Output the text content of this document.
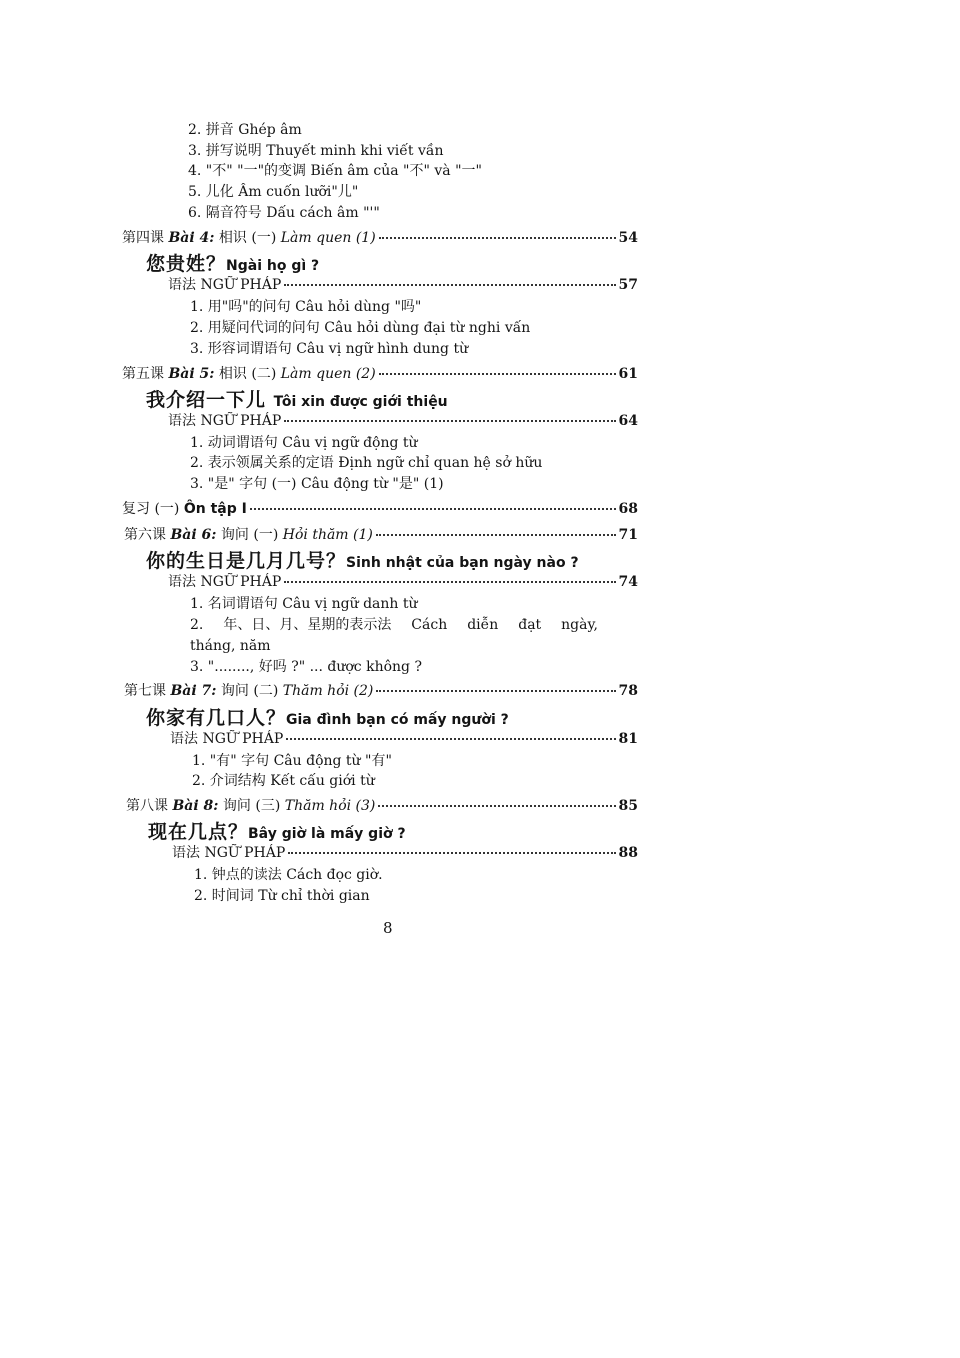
2. 拼音 Ghép âm
3. 拼写说明 Thuyết minh khi viết vần
4. "不" "一"的变调 Biến âm của "不" và "一"
5. 儿化 Âm cuốn lưỡi"儿"
6. 隔音符号 Dấu cách âm "'"
第四课 Bài 4: 相识 (一) Làm quen (1)	54
您贵姓？Ngài họ gì ?
语法 NGỮ PHÁP	57
1. 用"吗"的问句 Câu hỏi dùng "吗"
2. 用疑问代词的问句 Câu hỏi dùng đại từ nghi vấn
3. 形容词谓语句 Câu vị ngữ hình dung từ
第五课 Bài 5: 相识 (二) Làm quen (2)	61
我介绍一下儿 Tôi xin được giới thiệu
语法 NGỮ PHÁP	64
1. 动词谓语句 Câu vị ngữ động từ
2. 表示领属关系的定语 Định ngữ chỉ quan hệ sở hữu
3. "是" 字句 (一) Câu động từ "是" (1)
复习 (一) Ôn tập I	68
第六课 Bài 6: 询问 (一) Hỏi thăm (1)	71
你的生日是几月几号？Sinh nhật của bạn ngày nào ?
语法 NGỮ PHÁP	74
1. 名词谓语句 Câu vị ngữ danh từ
2. 年、日、月、星期的表示法 Cách diễn đạt ngày,
tháng, năm
3. "........, 好吗 ?" ... được không ?
第七课 Bài 7: 询问 (二) Thăm hỏi (2)	78
你家有几口人？Gia đình bạn có mấy người ?
语法 NGỮ PHÁP	81
1. "有" 字句 Câu động từ "有"
2. 介词结构 Kết cấu giới từ
第八课 Bài 8: 询问 (三) Thăm hỏi (3)	85
现在几点？Bây giờ là mấy giờ ?
语法 NGỮ PHÁP	88
1. 钟点的读法 Cách đọc giờ.
2. 时间词 Từ chỉ thời gian
8
